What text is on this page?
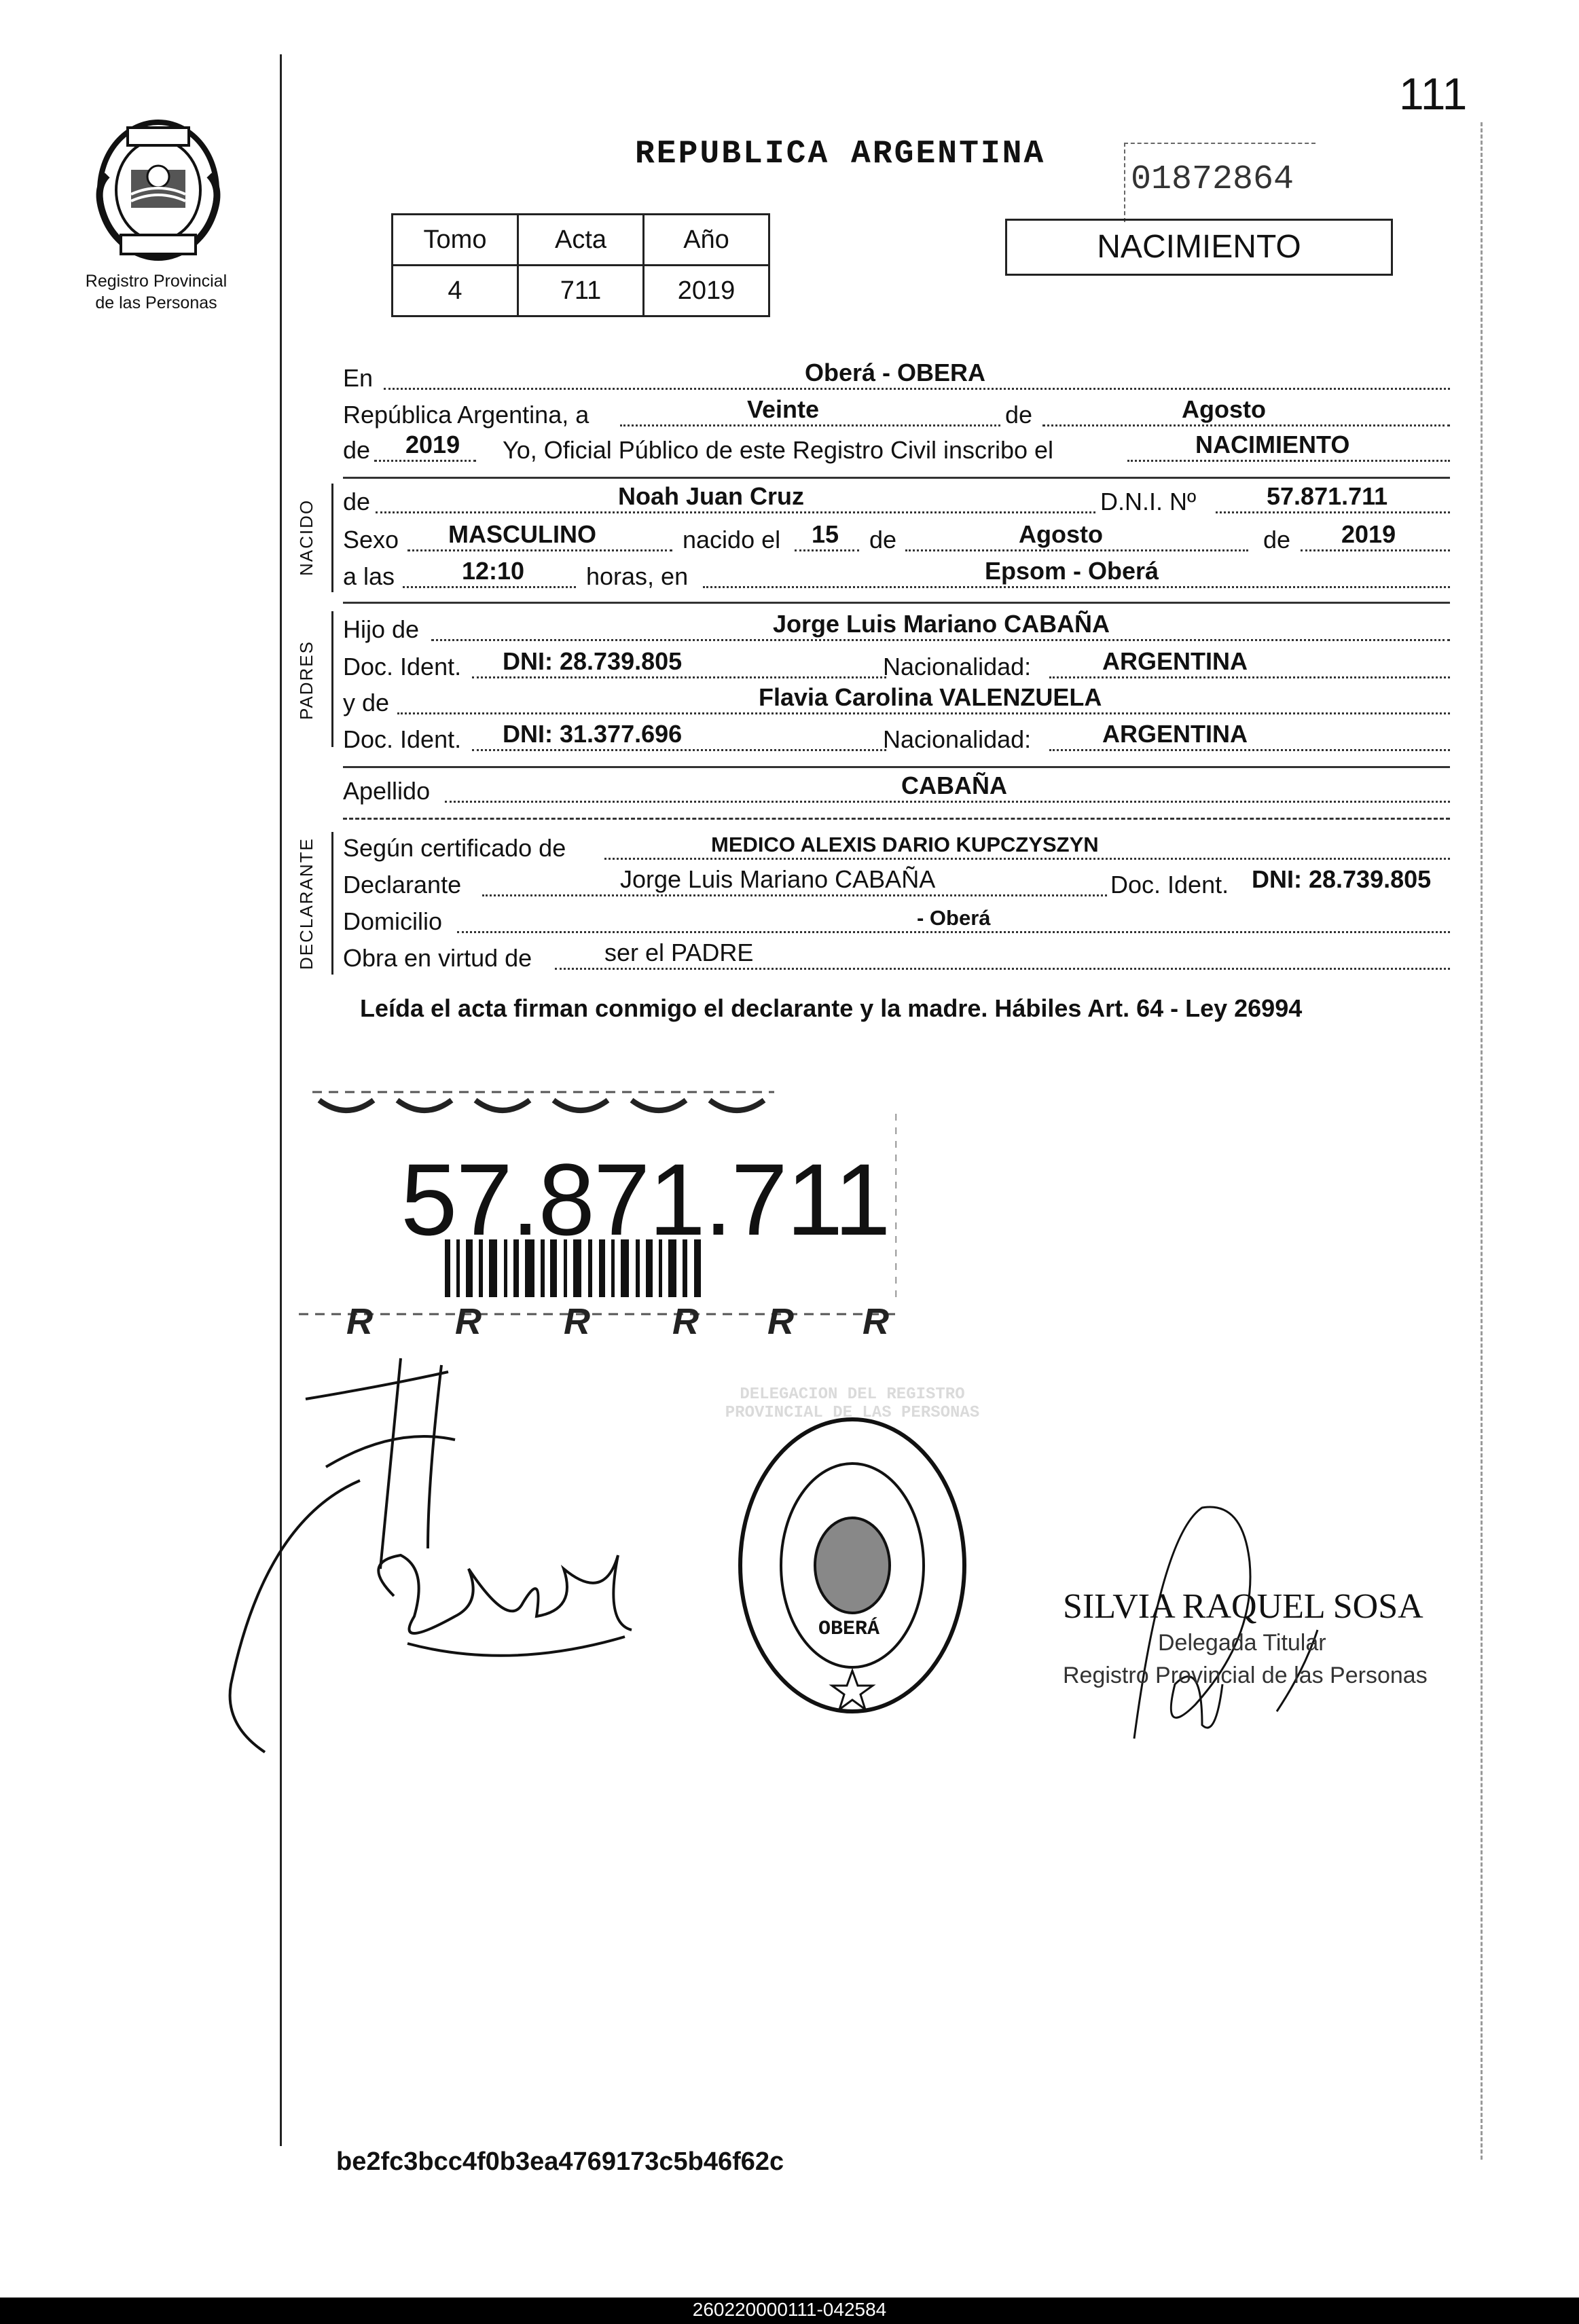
111
Registro Provincial
de las Personas
REPUBLICA ARGENTINA
01872864
NACIMIENTO
Tomo	Acta	Año
4	711	2019
En	Oberá - OBERA
República Argentina, a	Veinte	de	Agosto
de 2019 Yo, Oficial Público de este Registro Civil inscribo el	NACIMIENTO
NACIDO de	Noah Juan Cruz	D.N.I. Nº	57.871.711
Sexo MASCULINO	nacido el 15 de	Agosto	de 2019
a las	12:10	horas, en	Epsom - Oberá
PADRES
Hijo de	Jorge Luis Mariano CABAÑA
Doc. Ident. DNI: 28.739.805	Nacionalidad:	ARGENTINA
y de	Flavia Carolina VALENZUELA
Doc. Ident. DNI: 31.377.696	Nacionalidad:	ARGENTINA
Apellido	CABAÑA
DECLARANTE Según certificado de	MEDICO ALEXIS DARIO KUPCZYSZYN
Declarante	Jorge Luis Mariano CABAÑA	Doc. Ident. DNI: 28.739.805
Domicilio	- Oberá
Obra en virtud de	ser el PADRE
Leída el acta firman conmigo el declarante y la madre. Hábiles Art. 64 - Ley 26994
57.871.711
R R R R R R
DELEGACION DEL REGISTRO PROVINCIAL DE LAS PERSONAS
OBERÁ
SILVIA RAQUEL SOSA
Delegada Titular
Registro Provincial de las Personas
be2fc3bcc4f0b3ea4769173c5b46f62c
260220000111-042584
